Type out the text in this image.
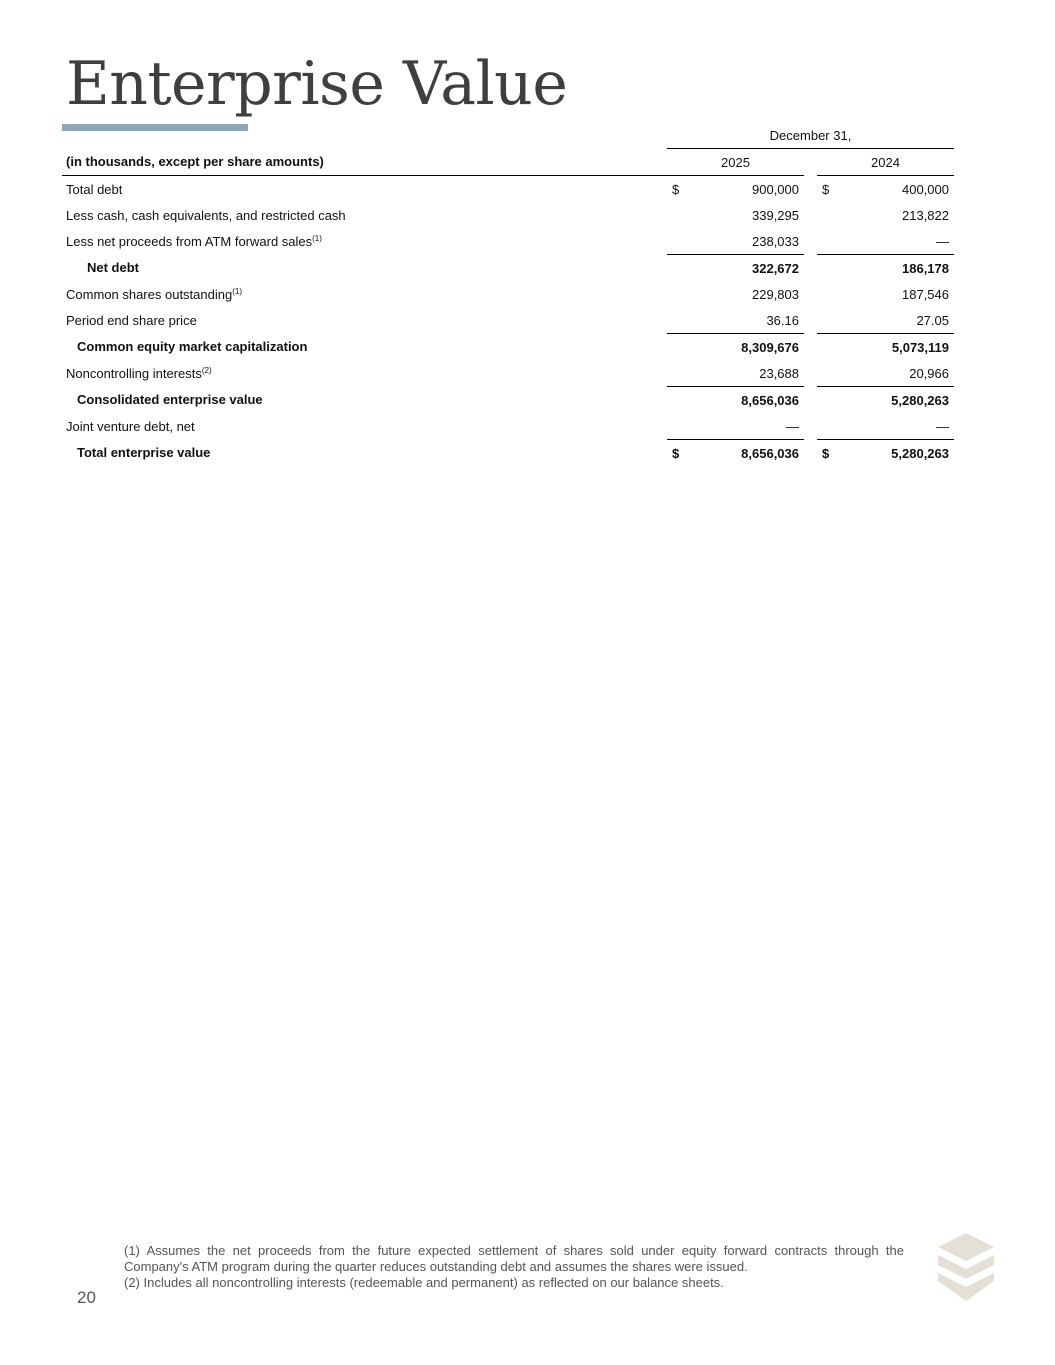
Enterprise Value
	December 31,				
(in thousands, except per share amounts)	2025			2024	
Total debt	$	900,000		$	400,000
Less cash, cash equivalents, and restricted cash		339,295			213,822
Less net proceeds from ATM forward sales$^{(1)}$		238,033			—
Net debt		322,672			186,178
Common shares outstanding$^{(1)}$		229,803			187,546
Period end share price		36.16			27.05
Common equity market capitalization		8,309,676			5,073,119
Noncontrolling interests$^{(2)}$		23,688			20,966
Consolidated enterprise value		8,656,036			5,280,263
Joint venture debt, net		—			—
Total enterprise value	$	8,656,036		$	5,280,263

(1) Assumes the net proceeds from the future expected settlement of shares sold under equity forward contracts through the Company's ATM program during the quarter reduces outstanding debt and assumes the shares were issued.

(2) Includes all noncontrolling interests (redeemable and permanent) as reflected on our balance sheets.

20
